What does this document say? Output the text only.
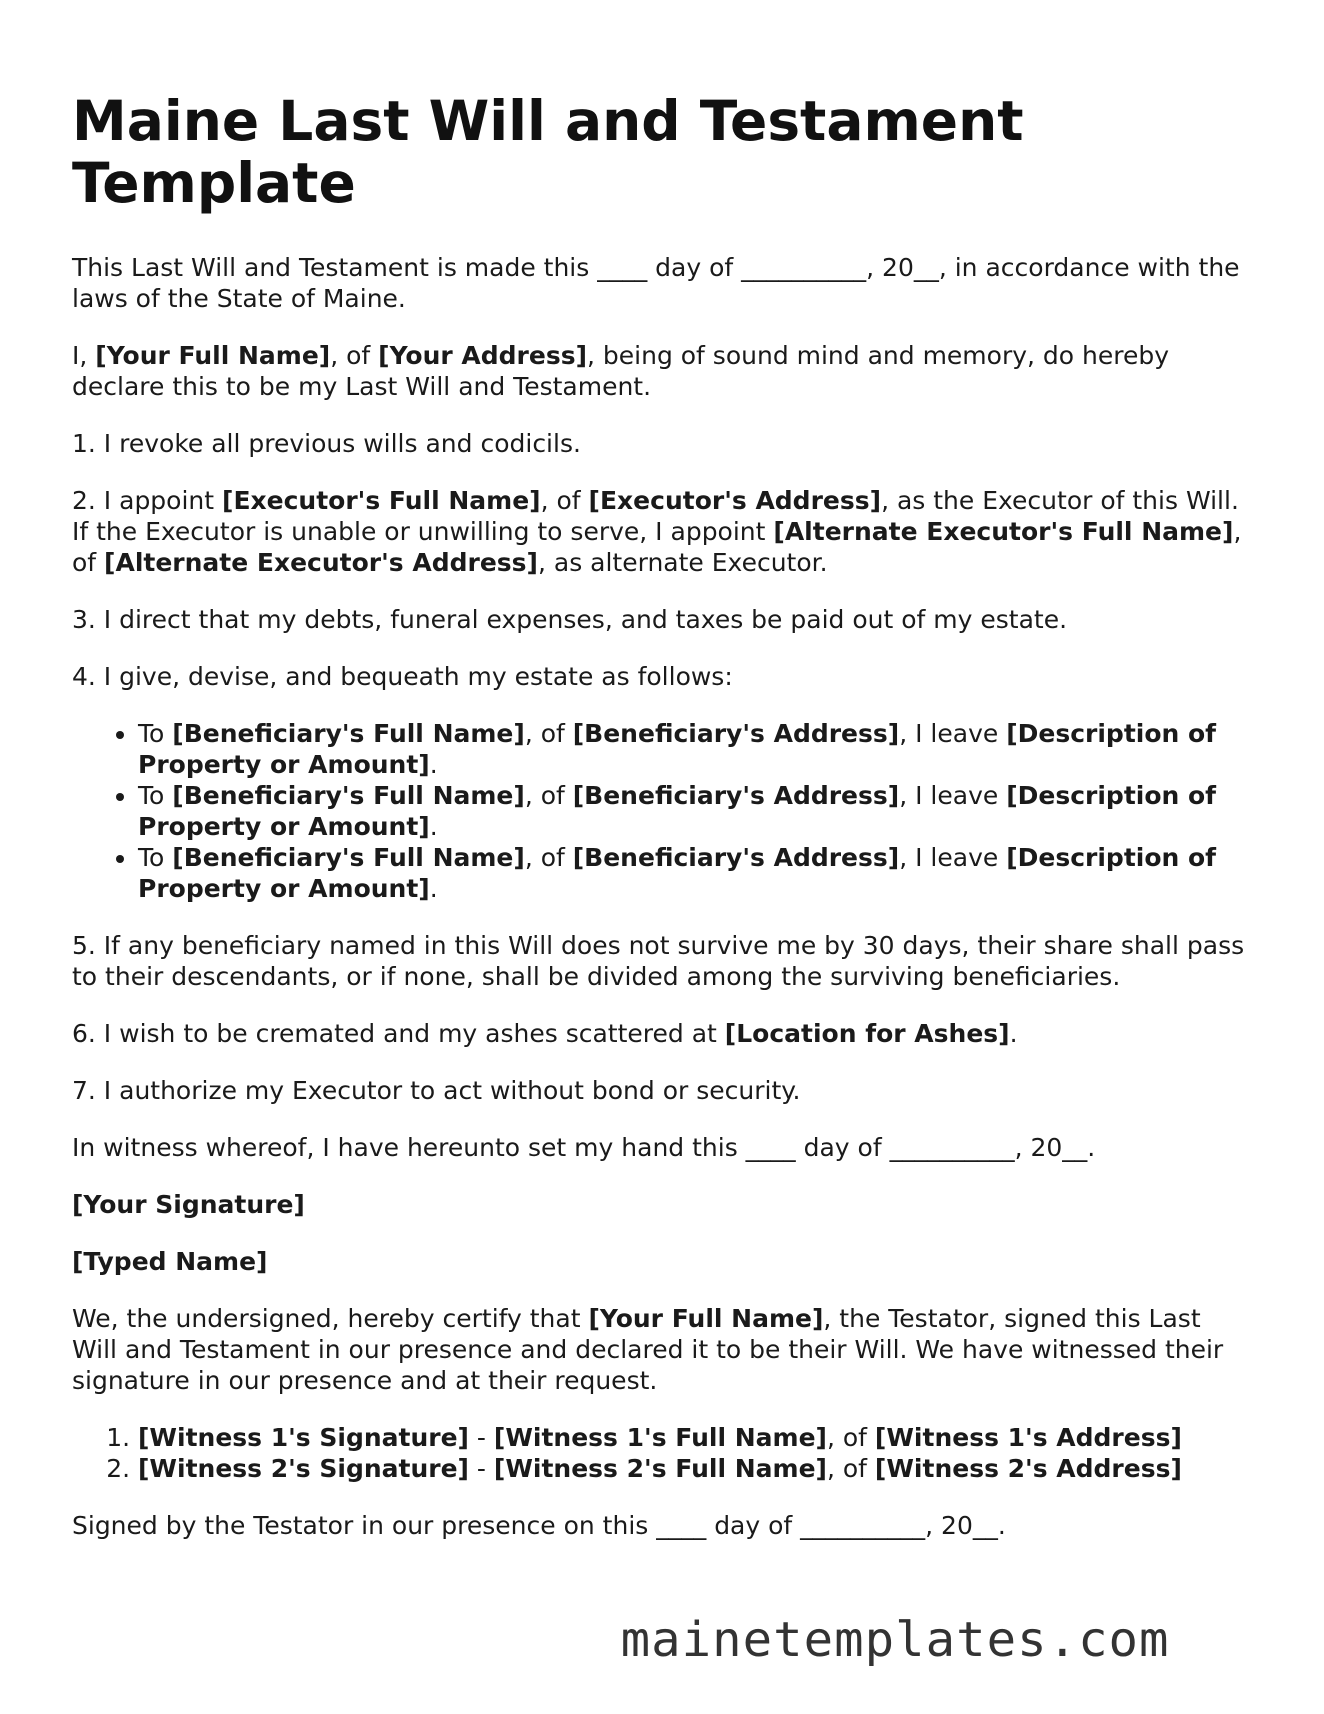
Maine Last Will and Testament Template

This Last Will and Testament is made this ____ day of __________, 20__, in accordance with the laws of the State of Maine.

I, [Your Full Name], of [Your Address], being of sound mind and memory, do hereby declare this to be my Last Will and Testament.

1. I revoke all previous wills and codicils.

2. I appoint [Executor's Full Name], of [Executor's Address], as the Executor of this Will. If the Executor is unable or unwilling to serve, I appoint [Alternate Executor's Full Name], of [Alternate Executor's Address], as alternate Executor.

3. I direct that my debts, funeral expenses, and taxes be paid out of my estate.

4. I give, devise, and bequeath my estate as follows:

• To [Beneficiary's Full Name], of [Beneficiary's Address], I leave [Description of Property or Amount].
• To [Beneficiary's Full Name], of [Beneficiary's Address], I leave [Description of Property or Amount].
• To [Beneficiary's Full Name], of [Beneficiary's Address], I leave [Description of Property or Amount].

5. If any beneficiary named in this Will does not survive me by 30 days, their share shall pass to their descendants, or if none, shall be divided among the surviving beneficiaries.

6. I wish to be cremated and my ashes scattered at [Location for Ashes].

7. I authorize my Executor to act without bond or security.

In witness whereof, I have hereunto set my hand this ____ day of __________, 20__.

[Your Signature]

[Typed Name]

We, the undersigned, hereby certify that [Your Full Name], the Testator, signed this Last Will and Testament in our presence and declared it to be their Will. We have witnessed their signature in our presence and at their request.

1. [Witness 1's Signature] - [Witness 1's Full Name], of [Witness 1's Address]
2. [Witness 2's Signature] - [Witness 2's Full Name], of [Witness 2's Address]

Signed by the Testator in our presence on this ____ day of __________, 20__.

mainetemplates.com
